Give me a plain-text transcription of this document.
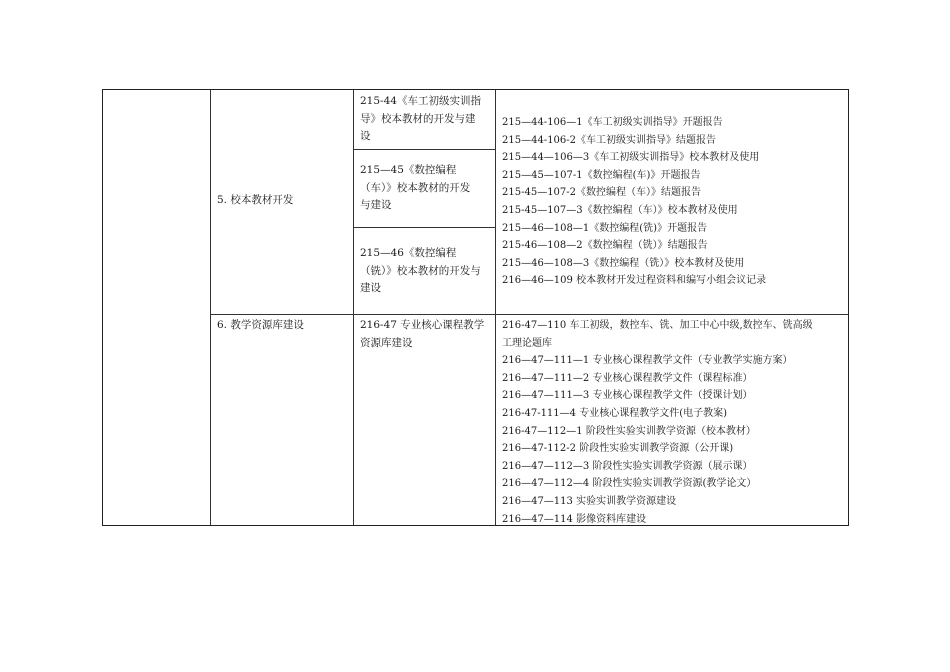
5. 校本教材开发
215-44《车工初级实训指
导》校本教材的开发与建
设
215—45《数控编程
（车）》校本教材的开发
与建设
215—46《数控编程
（铣）》校本教材的开发与
建设
215—44-106—1《车工初级实训指导》开题报告
215—44-106-2《车工初级实训指导》结题报告
215—44—106—3《车工初级实训指导》校本教材及使用
215—45—107-1《数控编程(车)》开题报告
215-45—107-2《数控编程（车）》结题报告
215-45—107—3《数控编程（车）》校本教材及使用
215—46—108—1《数控编程(铣)》开题报告
215-46—108—2《数控编程（铣）》结题报告
215—46—108—3《数控编程（铣）》校本教材及使用
216—46—109 校本教材开发过程资料和编写小组会议记录
6. 教学资源库建设	216-47 专业核心课程教学
资源库建设
216-47—110 车工初级，数控车、铣、加工中心中级,数控车、铣高级
工理论题库
216—47—111—1 专业核心课程教学文件（专业教学实施方案）
216—47—111—2 专业核心课程教学文件（课程标准）
216—47—111—3 专业核心课程教学文件（授课计划）
216-47-111—4 专业核心课程教学文件(电子教案)
216-47—112—1 阶段性实验实训教学资源（校本教材）
216—47-112-2 阶段性实验实训教学资源（公开课)
216—47—112—3 阶段性实验实训教学资源（展示课）
216—47—112—4 阶段性实验实训教学资源(教学论文）
216—47—113 实验实训教学资源建设
216—47—114 影像资料库建设
